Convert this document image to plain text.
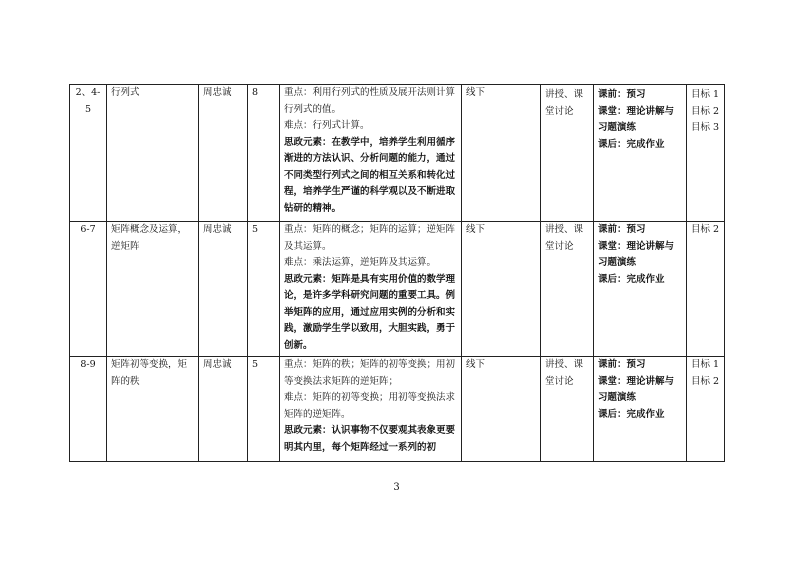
2、4-5	行列式	周忠诚	8	重点：利用行列式的性质及展开法则计算行列式的值。
难点：行列式计算。
思政元素：在教学中，培养学生利用循序渐进的方法认识、分析问题的能力，通过不同类型行列式之间的相互关系和转化过程，培养学生严谨的科学观以及不断进取钻研的精神。	线下	讲授、课堂讨论	课前：预习
课堂：理论讲解与习题演练
课后：完成作业	目标 1
目标 2
目标 3

6-7	矩阵概念及运算，逆矩阵	周忠诚	5	重点：矩阵的概念；矩阵的运算；逆矩阵及其运算。
难点：乘法运算，逆矩阵及其运算。
思政元素：矩阵是具有实用价值的数学理论，是许多学科研究问题的重要工具。例举矩阵的应用，通过应用实例的分析和实践，激励学生学以致用，大胆实践，勇于创新。	线下	讲授、课堂讨论	课前：预习
课堂：理论讲解与习题演练
课后：完成作业	目标 2

8-9	矩阵初等变换，矩阵的秩	周忠诚	5	重点：矩阵的秩；矩阵的初等变换；用初等变换法求矩阵的逆矩阵；
难点：矩阵的初等变换；用初等变换法求矩阵的逆矩阵。
思政元素：认识事物不仅要观其表象更要明其内里，每个矩阵经过一系列的初	线下	讲授、课堂讨论	课前：预习
课堂：理论讲解与习题演练
课后：完成作业	目标 1
目标 2
3
